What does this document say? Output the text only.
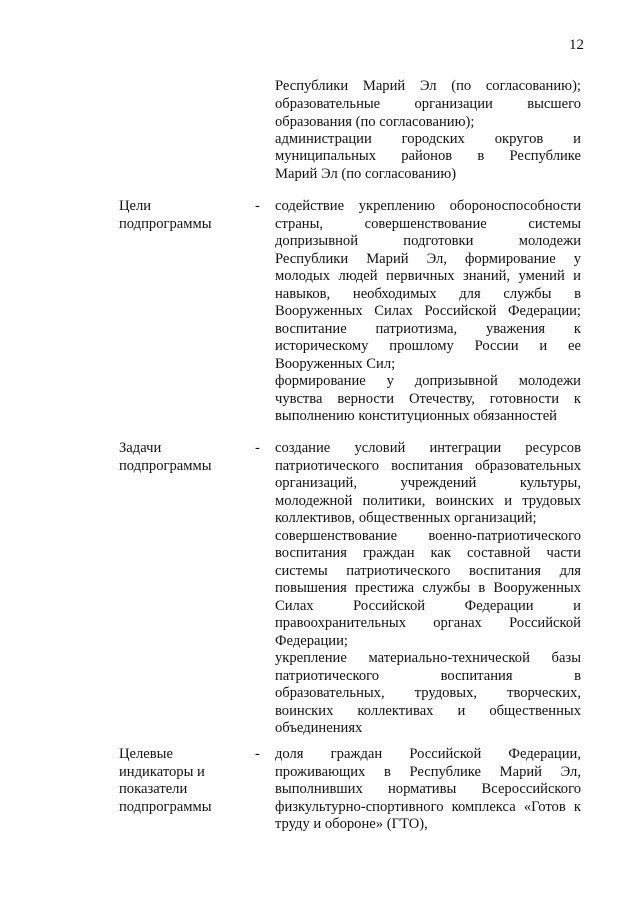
12
Республики Марий Эл (по согласованию);
образовательные организации высшего
образования (по согласованию);
администрации городских округов и
муниципальных районов в Республике
Марий Эл (по согласованию)
Цели
подпрограммы
-	содействие укреплению обороноспособности
страны, совершенствование системы
допризывной подготовки молодежи
Республики Марий Эл, формирование у
молодых людей первичных знаний, умений и
навыков, необходимых для службы в
Вооруженных Силах Российской Федерации;
воспитание патриотизма, уважения к
историческому прошлому России и ее
Вооруженных Сил;
формирование у допризывной молодежи
чувства верности Отечеству, готовности к
выполнению конституционных обязанностей
Задачи
подпрограммы
-	создание условий интеграции ресурсов
патриотического воспитания образовательных
организаций, учреждений культуры,
молодежной политики, воинских и трудовых
коллективов, общественных организаций;
совершенствование военно-патриотического
воспитания граждан как составной части
системы патриотического воспитания для
повышения престижа службы в Вооруженных
Силах Российской Федерации и
правоохранительных органах Российской
Федерации;
укрепление материально-технической базы
патриотического воспитания в
образовательных, трудовых, творческих,
воинских коллективах и общественных
объединениях
Целевые
индикаторы и
показатели
подпрограммы
-	доля граждан Российской Федерации,
проживающих в Республике Марий Эл,
выполнивших нормативы Всероссийского
физкультурно-спортивного комплекса «Готов к
труду и обороне» (ГТО),
